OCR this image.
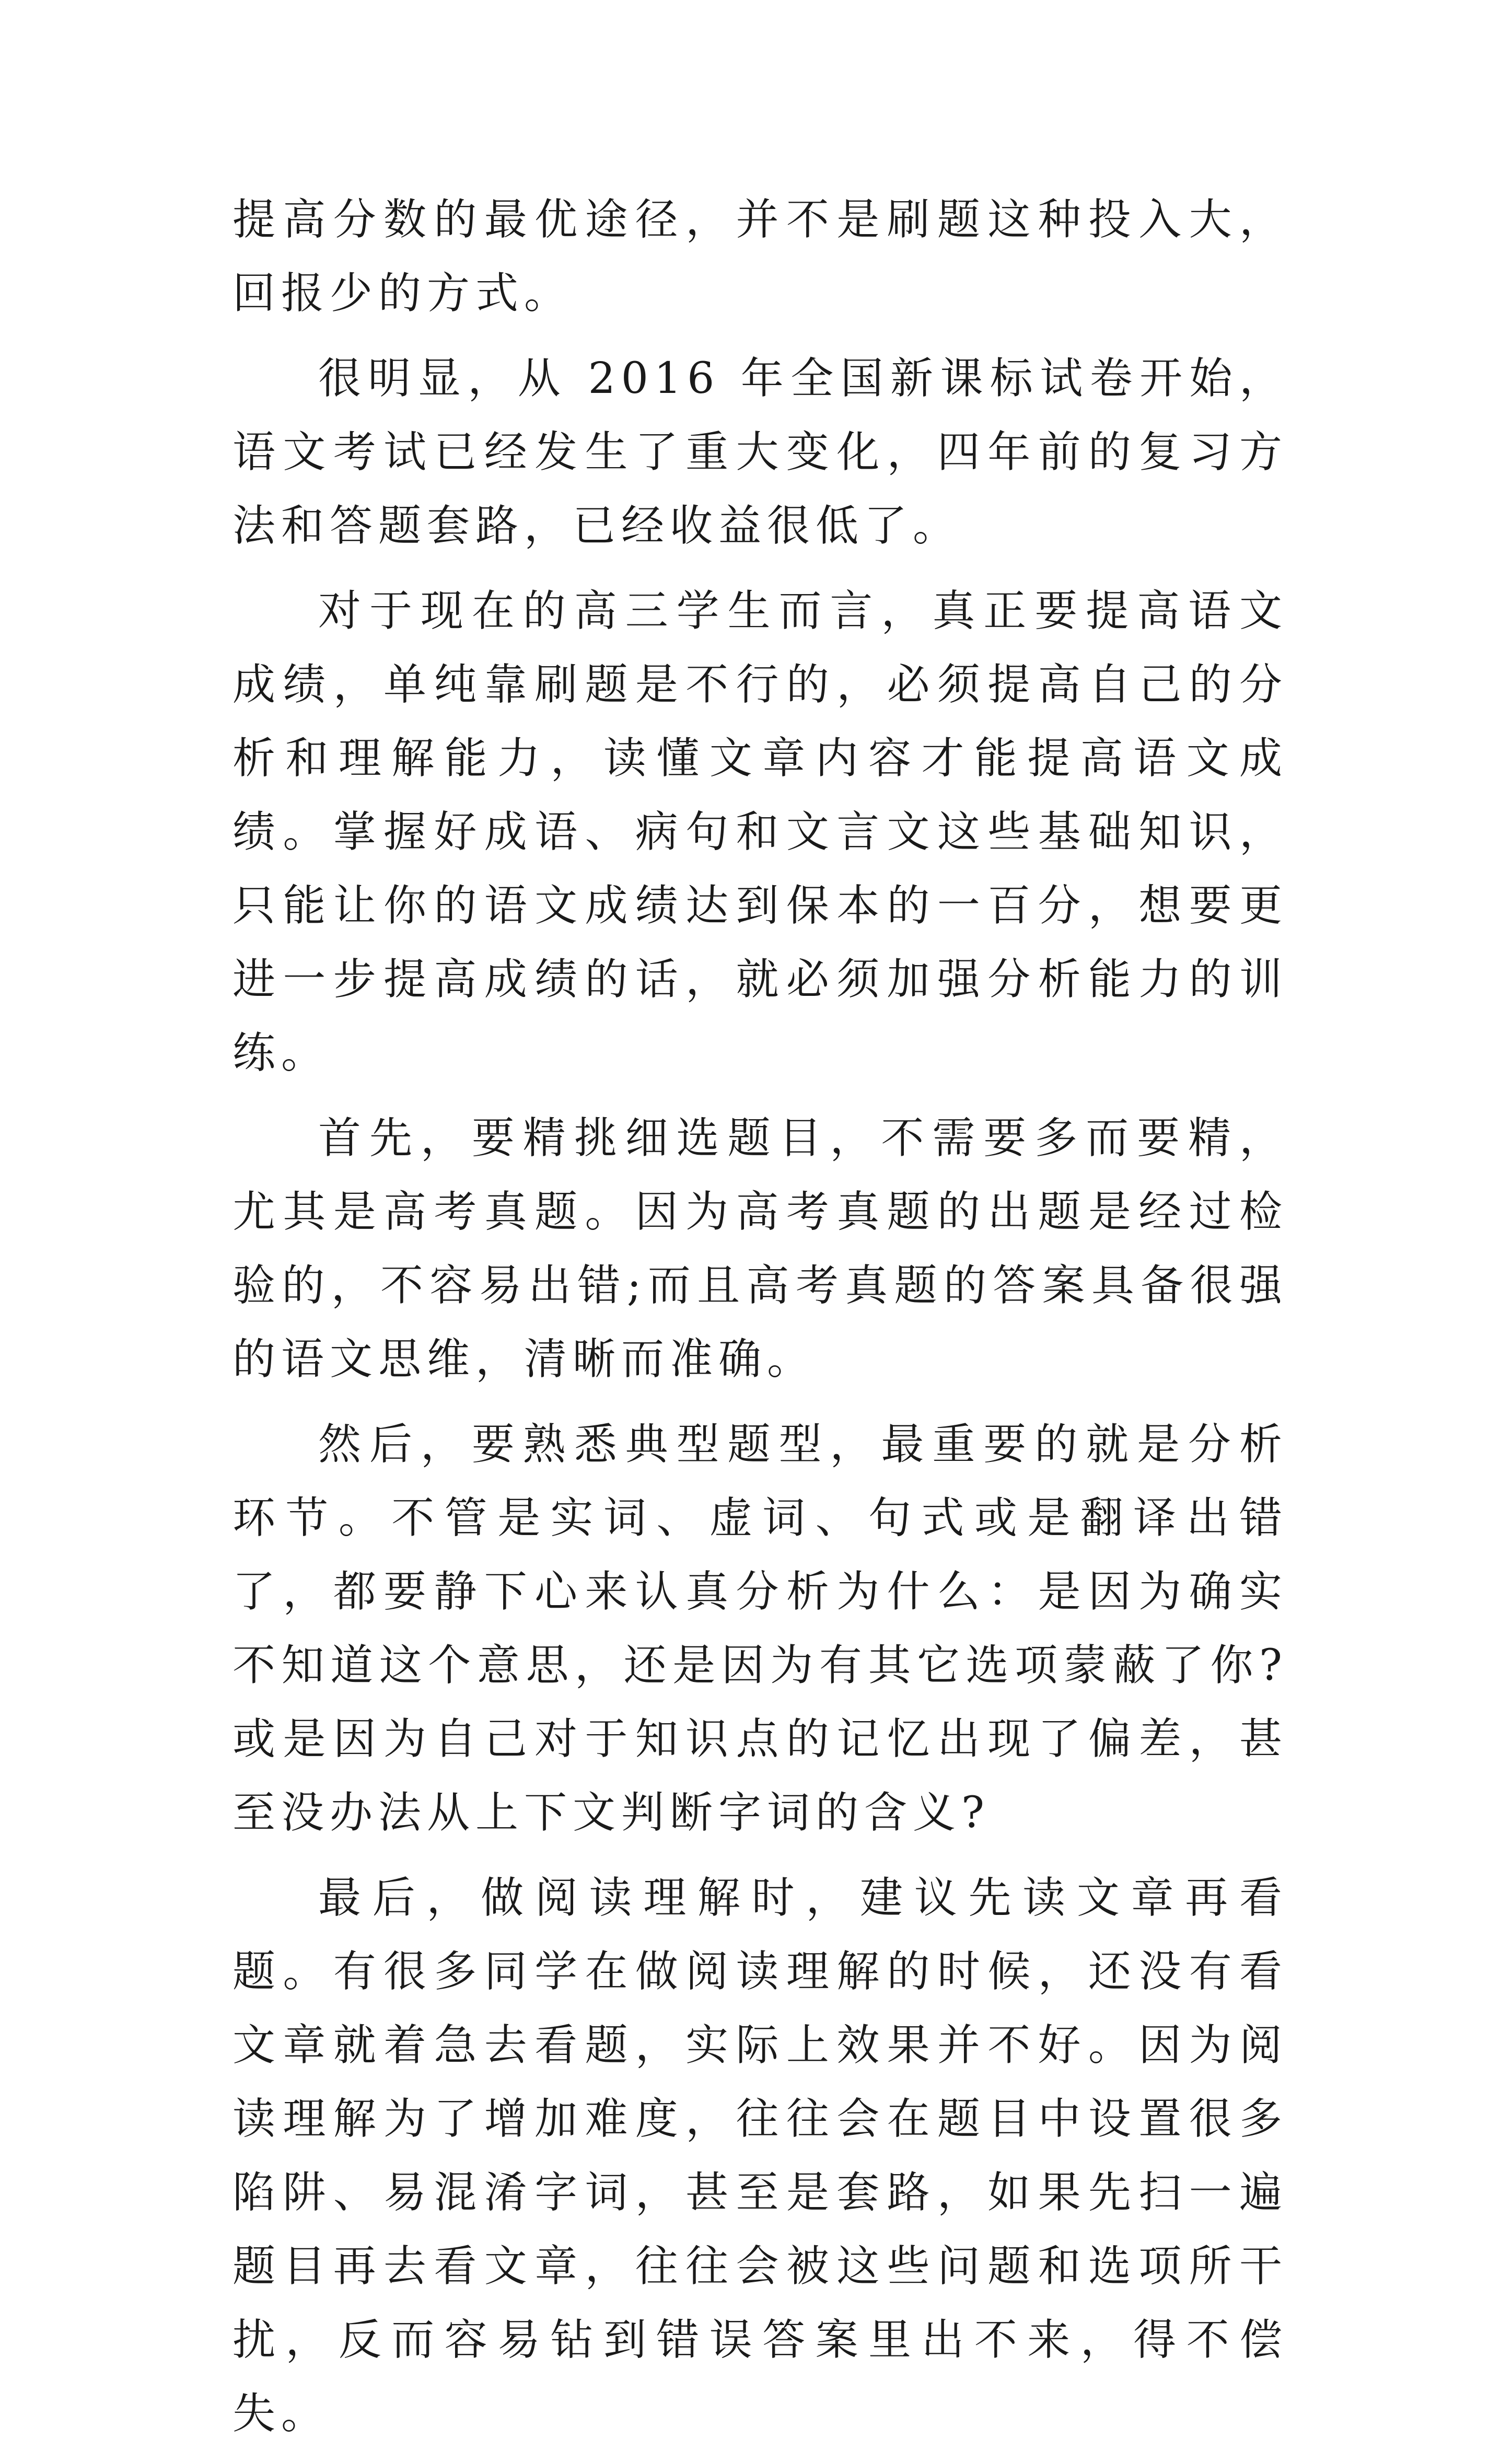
提高分数的最优途径，并不是刷题这种投入大，回报少的方式。

很明显，从 2016 年全国新课标试卷开始，语文考试已经发生了重大变化，四年前的复习方法和答题套路，已经收益很低了。

对于现在的高三学生而言，真正要提高语文成绩，单纯靠刷题是不行的，必须提高自己的分析和理解能力，读懂文章内容才能提高语文成绩。掌握好成语、病句和文言文这些基础知识，只能让你的语文成绩达到保本的一百分，想要更进一步提高成绩的话，就必须加强分析能力的训练。

首先，要精挑细选题目，不需要多而要精，尤其是高考真题。因为高考真题的出题是经过检验的，不容易出错;而且高考真题的答案具备很强的语文思维，清晰而准确。

然后，要熟悉典型题型，最重要的就是分析环节。不管是实词、虚词、句式或是翻译出错了，都要静下心来认真分析为什么：是因为确实不知道这个意思，还是因为有其它选项蒙蔽了你?或是因为自己对于知识点的记忆出现了偏差，甚至没办法从上下文判断字词的含义?

最后，做阅读理解时，建议先读文章再看题。有很多同学在做阅读理解的时候，还没有看文章就着急去看题，实际上效果并不好。因为阅读理解为了增加难度，往往会在题目中设置很多陷阱、易混淆字词，甚至是套路，如果先扫一遍题目再去看文章，往往会被这些问题和选项所干扰，反而容易钻到错误答案里出不来，得不偿失。
